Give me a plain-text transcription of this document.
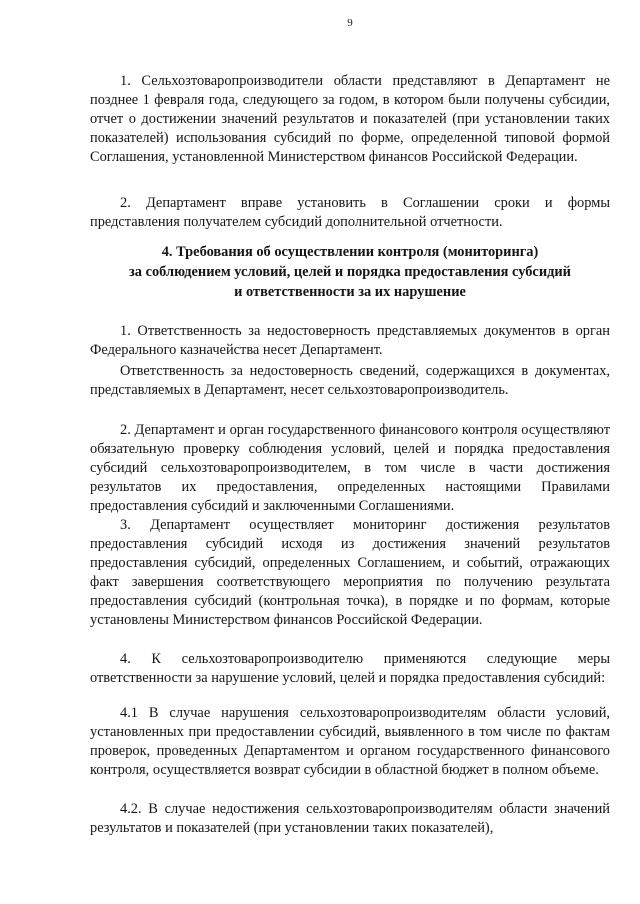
9

1. Сельхозтоваропроизводители области представляют в Департамент не позднее 1 февраля года, следующего за годом, в котором были получены субсидии, отчет о достижении значений результатов и показателей (при установлении таких показателей) использования субсидий по форме, определенной типовой формой Соглашения, установленной Министерством финансов Российской Федерации.

2. Департамент вправе установить в Соглашении сроки и формы представления получателем субсидий дополнительной отчетности.

4. Требования об осуществлении контроля (мониторинга)
за соблюдением условий, целей и порядка предоставления субсидий
и ответственности за их нарушение

1. Ответственность за недостоверность представляемых документов в орган Федерального казначейства несет Департамент.

Ответственность за недостоверность сведений, содержащихся в документах, представляемых в Департамент, несет сельхозтоваропроизводитель.

2. Департамент и орган государственного финансового контроля осуществляют обязательную проверку соблюдения условий, целей и порядка предоставления субсидий сельхозтоваропроизводителем, в том числе в части достижения результатов их предоставления, определенных настоящими Правилами предоставления субсидий и заключенными Соглашениями.

3. Департамент осуществляет мониторинг достижения результатов предоставления субсидий исходя из достижения значений результатов предоставления субсидий, определенных Соглашением, и событий, отражающих факт завершения соответствующего мероприятия по получению результата предоставления субсидий (контрольная точка), в порядке и по формам, которые установлены Министерством финансов Российской Федерации.

4. К сельхозтоваропроизводителю применяются следующие меры ответственности за нарушение условий, целей и порядка предоставления субсидий:

4.1 В случае нарушения сельхозтоваропроизводителям области условий, установленных при предоставлении субсидий, выявленного в том числе по фактам проверок, проведенных Департаментом и органом государственного финансового контроля, осуществляется возврат субсидии в областной бюджет в полном объеме.

4.2. В случае недостижения сельхозтоваропроизводителям области значений результатов и показателей (при установлении таких показателей),
